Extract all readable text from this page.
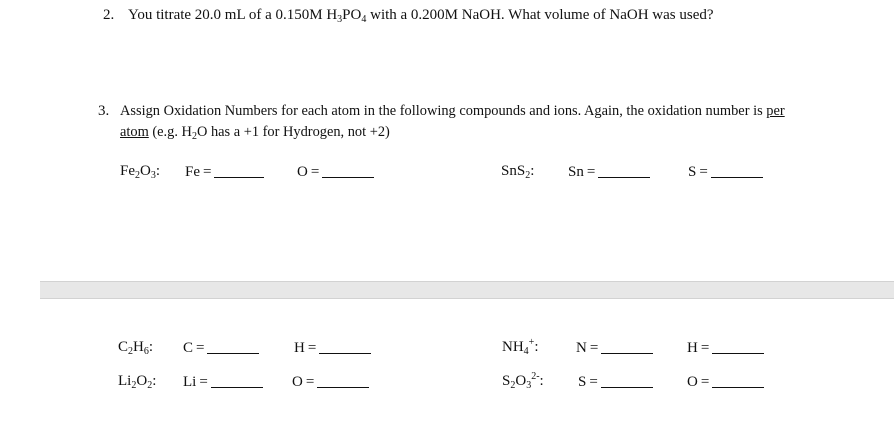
2. You titrate 20.0 mL of a 0.150M $H_3PO_4$ with a 0.200M NaOH. What volume of NaOH was used?
3. Assign Oxidation Numbers for each atom in the following compounds and ions. Again, the oxidation number is per
atom (e.g. $H_2O$ has a +1 for Hydrogen, not +2)
$Fe_2O_3$: Fe =	O =	SnS$_2$: Sn =	S =
$C_2H_6$: C =	H =	$NH_4^+$:	N =	H =
$Li_2O_2$: Li =	O =	$S_2O_3^{2-}$: S =	O =
